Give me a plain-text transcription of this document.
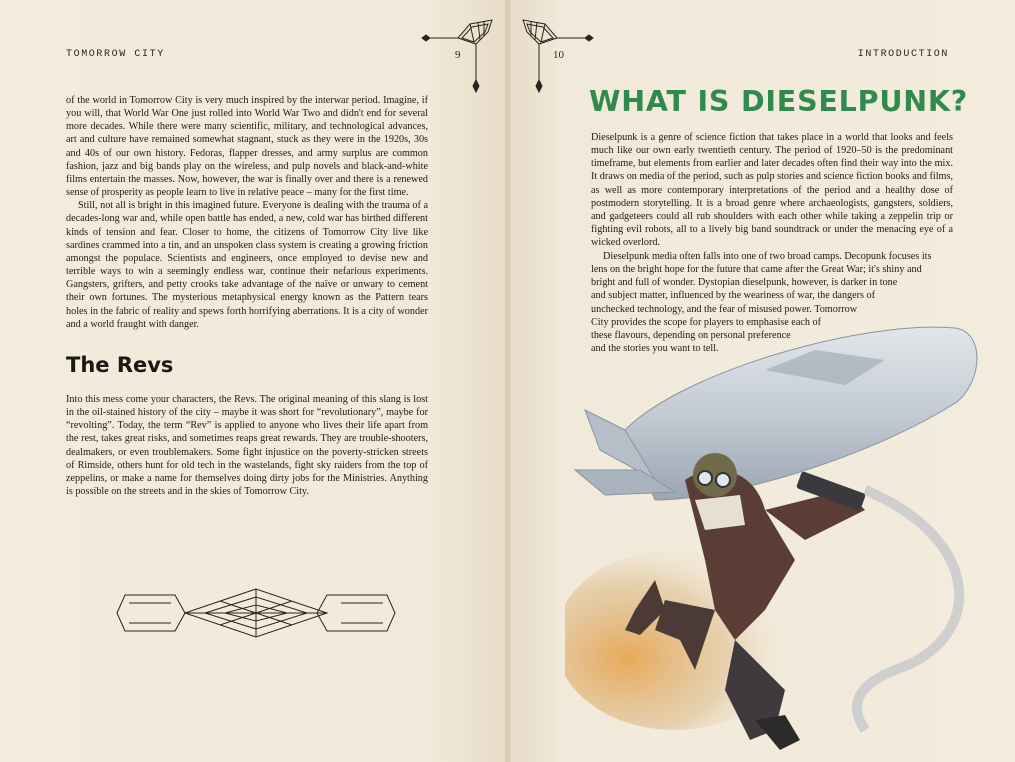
TOMORROW CITY	9

of the world in Tomorrow City is very much inspired by the interwar period. Imagine, if you will, that World War One just rolled into World War Two and didn't end for several more decades. While there were many scientific, military, and technological advances, art and culture have remained somewhat stagnant, stuck as they were in the 1920s, 30s and 40s of our own history. Fedoras, flapper dresses, and army surplus are common fashion, jazz and big bands play on the wireless, and pulp novels and black-and-white films entertain the masses. Now, however, the war is finally over and there is a renewed sense of prosperity as people learn to live in relative peace – many for the first time.

Still, not all is bright in this imagined future. Everyone is dealing with the trauma of a decades-long war and, while open battle has ended, a new, cold war has birthed different kinds of tension and fear. Closer to home, the citizens of Tomorrow City live like sardines crammed into a tin, and an unspoken class system is creating a growing friction amongst the populace. Scientists and engineers, once employed to devise new and terrible ways to win a seemingly endless war, continue their nefarious experiments. Gangsters, grifters, and petty crooks take advantage of the naïve or unwary to cement their own fortunes. The mysterious metaphysical energy known as the Pattern tears holes in the fabric of reality and spews forth horrifying aberrations. It is a city of wonder and a world fraught with danger.

The Revs

Into this mess come your characters, the Revs. The original meaning of this slang is lost in the oil-stained history of the city – maybe it was short for “revolutionary”, maybe for “revolting”. Today, the term “Rev” is applied to anyone who lives their life apart from the rest, takes great risks, and sometimes reaps great rewards. They are trouble-shooters, dealmakers, or even troublemakers. Some fight injustice on the poverty-stricken streets of Rimside, others hunt for old tech in the wastelands, fight sky raiders from the top of zeppelins, or make a name for themselves doing dirty jobs for the Ministries. Anything is possible on the streets and in the skies of Tomorrow City.

INTRODUCTION
10
WHAT IS DIESELPUNK?

Dieselpunk is a genre of science fiction that takes place in a world that looks and feels much like our own early twentieth century. The period of 1920–50 is the predominant timeframe, but elements from earlier and later decades often find their way into the mix. It draws on media of the period, such as pulp stories and science fiction books and films, as well as more contemporary interpretations of the period and a healthy dose of postmodern storytelling. It is a broad genre where archaeologists, gangsters, soldiers, and gadgeteers could all rub shoulders with each other while taking a zeppelin trip or fighting evil robots, all to a lively big band soundtrack or under the menacing eye of a wicked overlord.

Dieselpunk media often falls into one of two broad camps. Decopunk focuses its
lens on the bright hope for the future that came after the Great War; it's shiny and
bright and full of wonder. Dystopian dieselpunk, however, is darker in tone
and subject matter, influenced by the weariness of war, the dangers of
unchecked technology, and the fear of misused power. Tomorrow
City provides the scope for players to emphasise each of
these flavours, depending on personal preference
and the stories you want to tell.
